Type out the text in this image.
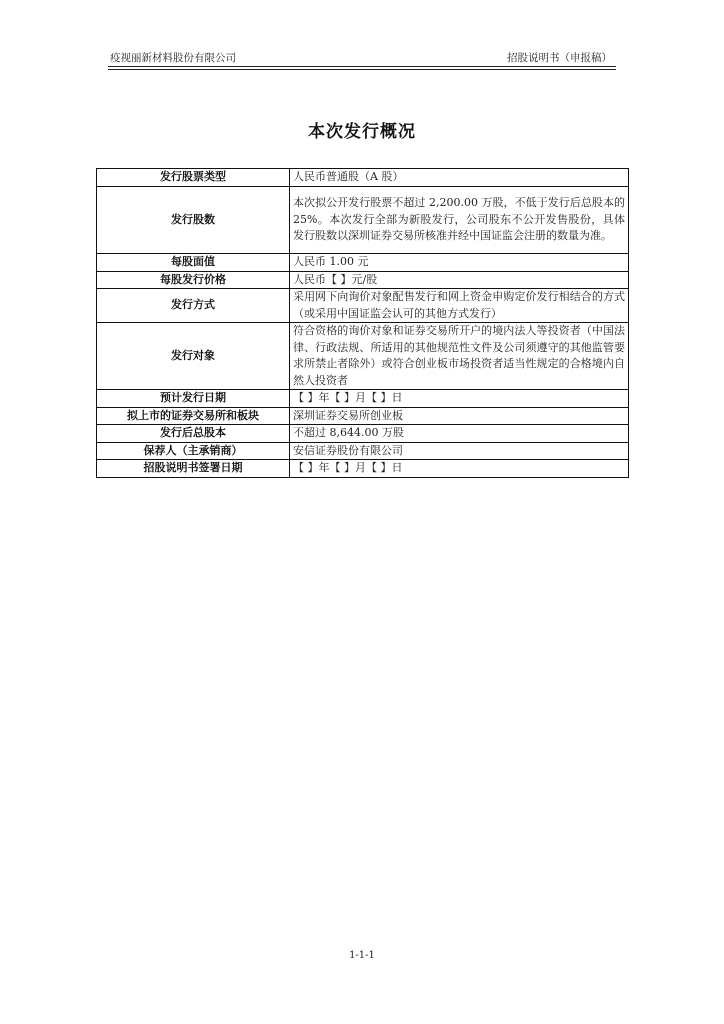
疫视丽新材料股份有限公司	招股说明书（申报稿）
本次发行概况
发行股票类型	人民币普通股（A 股）
发行股数	本次拟公开发行股票不超过 2,200.00 万股，不低于发行后总股本的 25%。本次发行全部为新股发行，公司股东不公开发售股份，具体发行股数以深圳证券交易所核准并经中国证监会注册的数量为准。
每股面值	人民币 1.00 元
每股发行价格	人民币【 】元/股
发行方式	采用网下向询价对象配售发行和网上资金申购定价发行相结合的方式（或采用中国证监会认可的其他方式发行）
发行对象	符合资格的询价对象和证券交易所开户的境内法人等投资者（中国法律、行政法规、所适用的其他规范性文件及公司须遵守的其他监管要求所禁止者除外）或符合创业板市场投资者适当性规定的合格境内自然人投资者
预计发行日期	【 】年【 】月【 】日
拟上市的证券交易所和板块	深圳证券交易所创业板
发行后总股本	不超过 8,644.00 万股
保荐人（主承销商）	安信证券股份有限公司
招股说明书签署日期	【 】年【 】月【 】日
1-1-1
